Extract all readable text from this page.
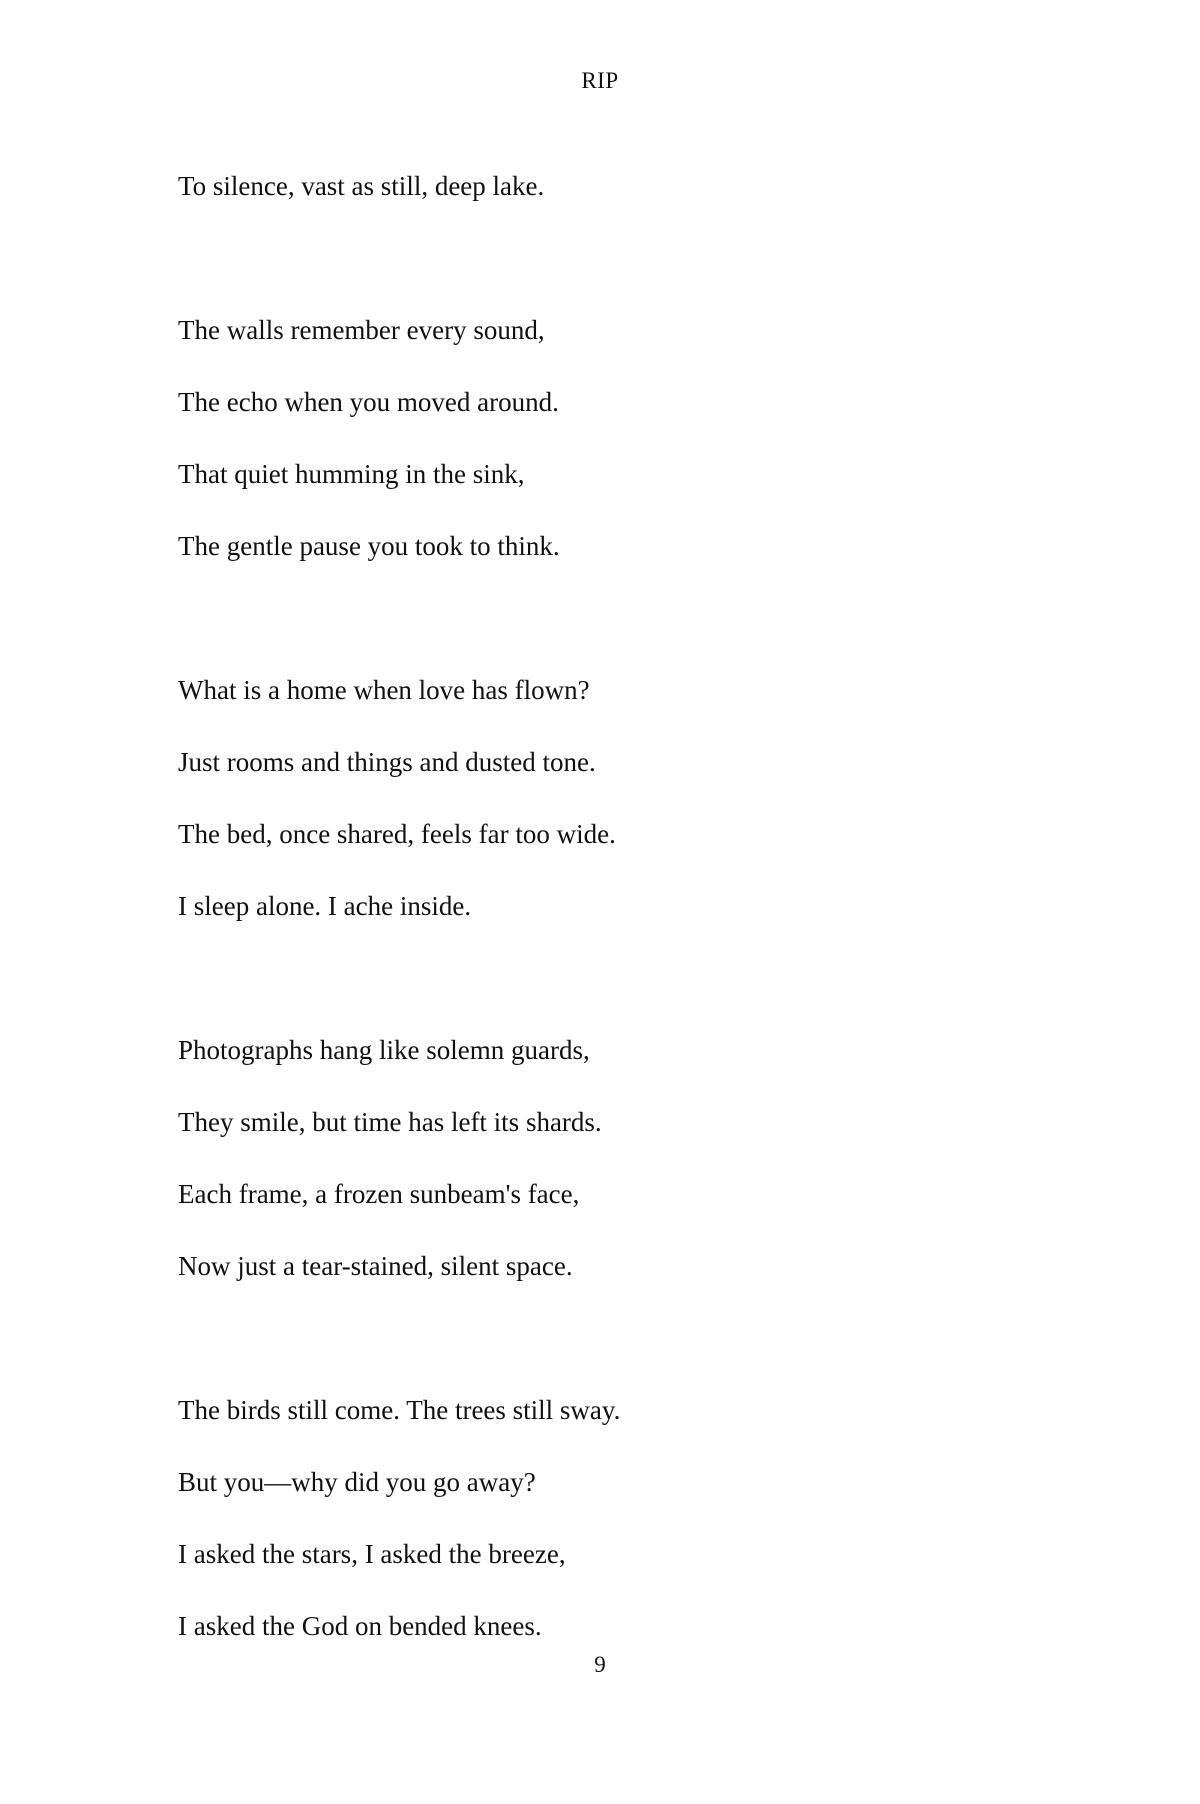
RIP
To silence, vast as still, deep lake.
The walls remember every sound,
The echo when you moved around.
That quiet humming in the sink,
The gentle pause you took to think.
What is a home when love has flown?
Just rooms and things and dusted tone.
The bed, once shared, feels far too wide.
I sleep alone. I ache inside.
Photographs hang like solemn guards,
They smile, but time has left its shards.
Each frame, a frozen sunbeam's face,
Now just a tear-stained, silent space.
The birds still come. The trees still sway.
But you—why did you go away?
I asked the stars, I asked the breeze,
I asked the God on bended knees.
9
